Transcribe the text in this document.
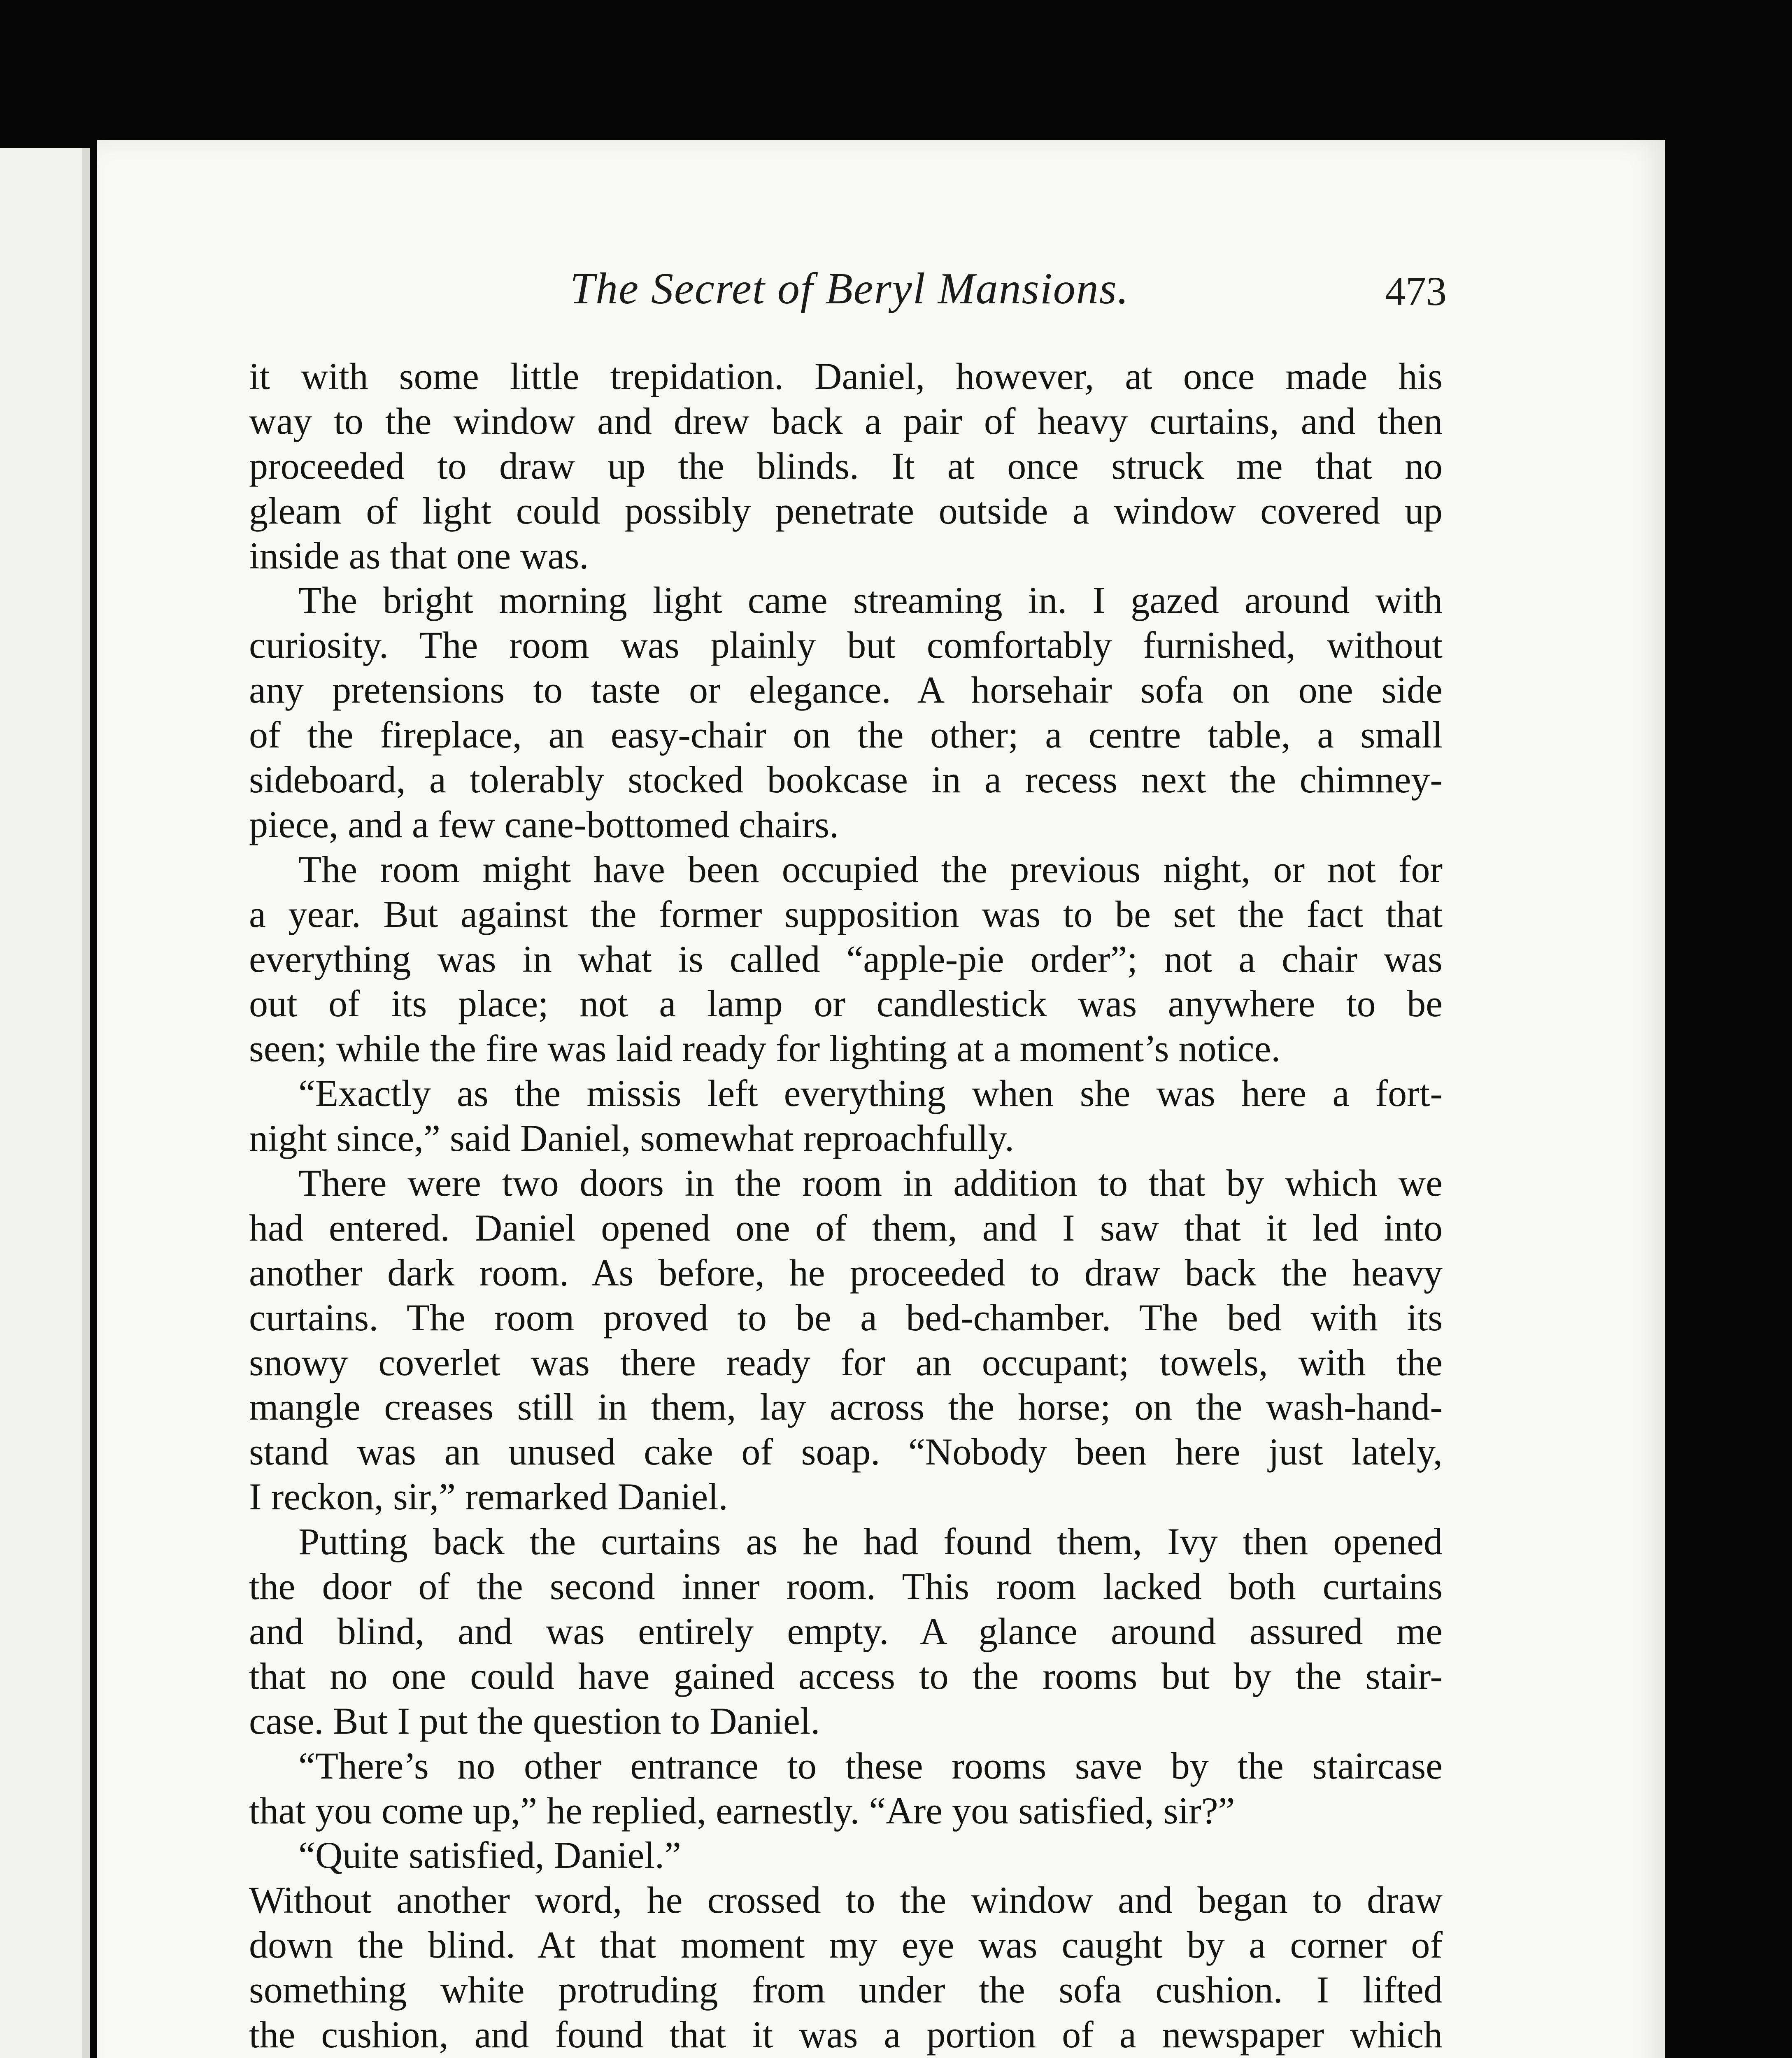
The Secret of Beryl Mansions.	473
it with some little trepidation. Daniel, however, at once made his
way to the window and drew back a pair of heavy curtains, and then
proceeded to draw up the blinds. It at once struck me that no
gleam of light could possibly penetrate outside a window covered up
inside as that one was.
The bright morning light came streaming in. I gazed around with
curiosity. The room was plainly but comfortably furnished, without
any pretensions to taste or elegance. A horsehair sofa on one side
of the fireplace, an easy-chair on the other; a centre table, a small
sideboard, a tolerably stocked bookcase in a recess next the chimney-
piece, and a few cane-bottomed chairs.
The room might have been occupied the previous night, or not for
a year. But against the former supposition was to be set the fact that
everything was in what is called “apple-pie order”; not a chair was
out of its place; not a lamp or candlestick was anywhere to be
seen; while the fire was laid ready for lighting at a moment’s notice.
“Exactly as the missis left everything when she was here a fort-
night since,” said Daniel, somewhat reproachfully.
There were two doors in the room in addition to that by which we
had entered. Daniel opened one of them, and I saw that it led into
another dark room. As before, he proceeded to draw back the heavy
curtains. The room proved to be a bed-chamber. The bed with its
snowy coverlet was there ready for an occupant; towels, with the
mangle creases still in them, lay across the horse; on the wash-hand-
stand was an unused cake of soap. “Nobody been here just lately,
I reckon, sir,” remarked Daniel.
Putting back the curtains as he had found them, Ivy then opened
the door of the second inner room. This room lacked both curtains
and blind, and was entirely empty. A glance around assured me
that no one could have gained access to the rooms but by the stair-
case. But I put the question to Daniel.
“There’s no other entrance to these rooms save by the staircase
that you come up,” he replied, earnestly. “Are you satisfied, sir?”
“Quite satisfied, Daniel.”
Without another word, he crossed to the window and began to draw
down the blind. At that moment my eye was caught by a corner of
something white protruding from under the sofa cushion. I lifted
the cushion, and found that it was a portion of a newspaper which
